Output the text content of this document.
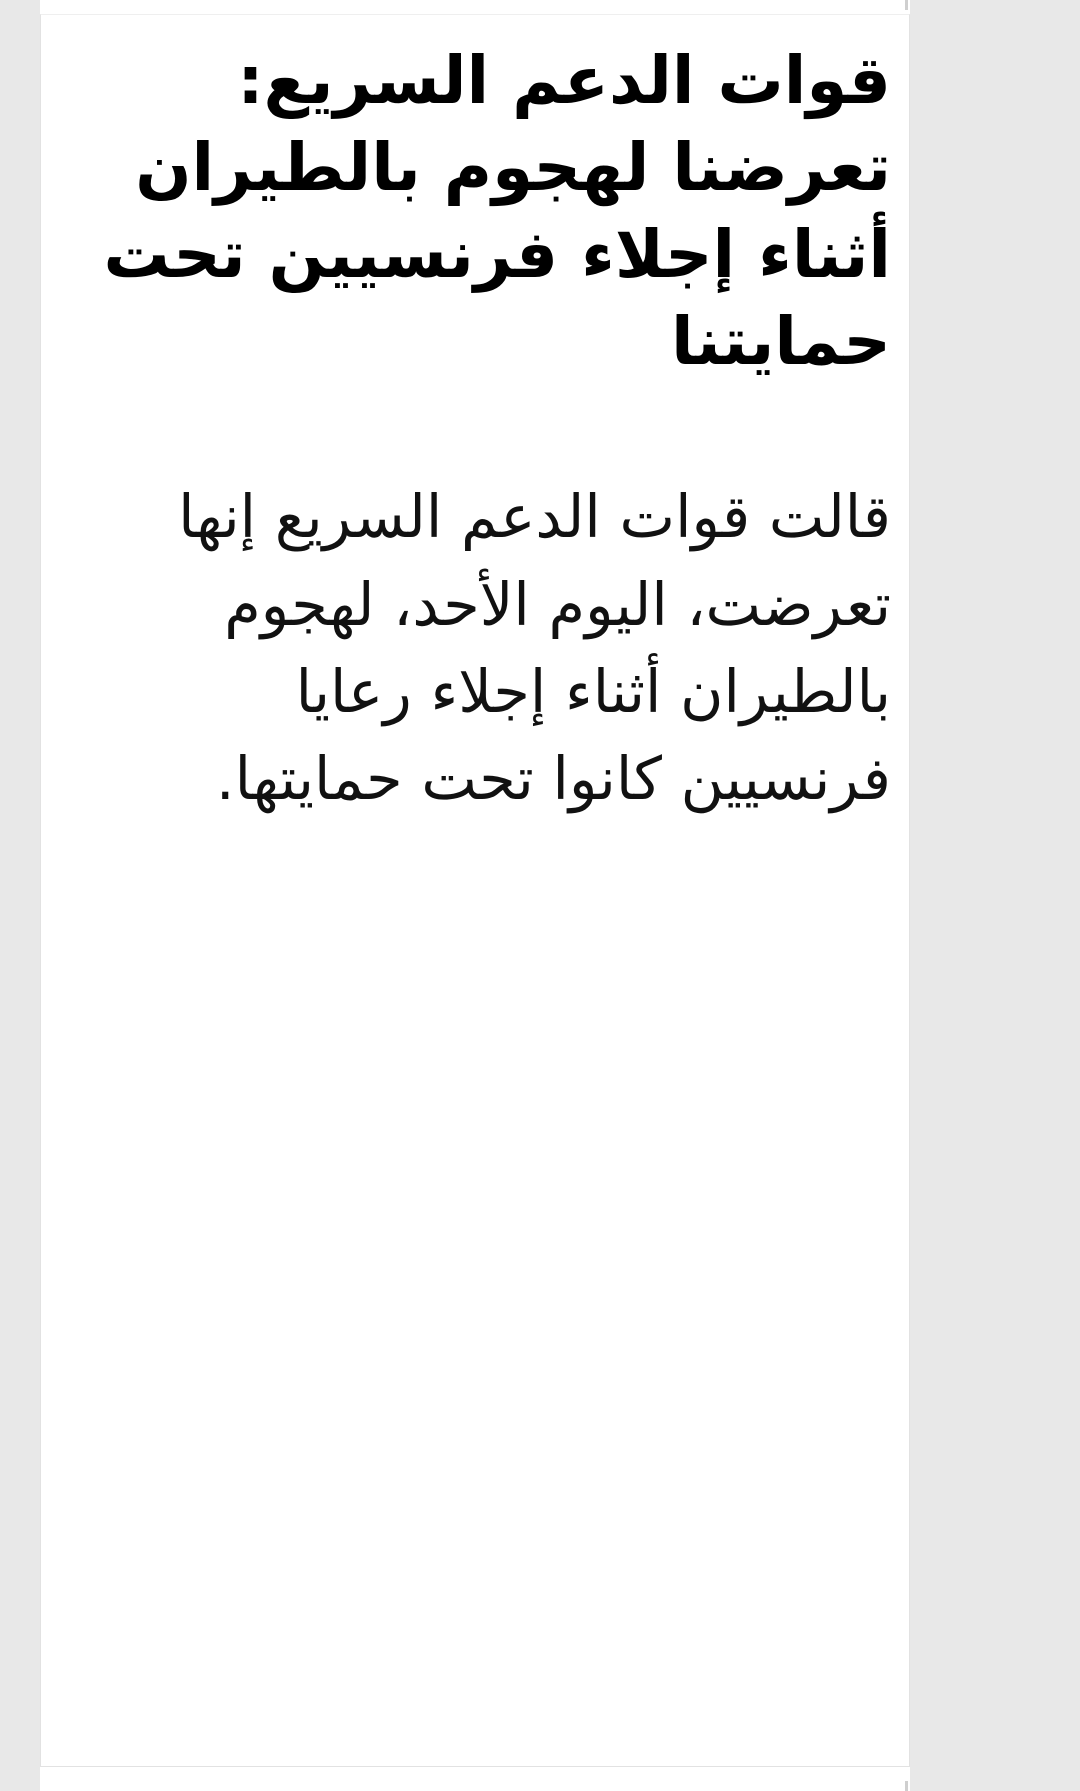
قوات الدعم السريع: تعرضنا لهجوم بالطيران أثناء إجلاء فرنسيين تحت حمايتنا

قالت قوات الدعم السريع إنها تعرضت، اليوم الأحد، لهجوم بالطيران أثناء إجلاء رعايا فرنسيين كانوا تحت حمايتها.
